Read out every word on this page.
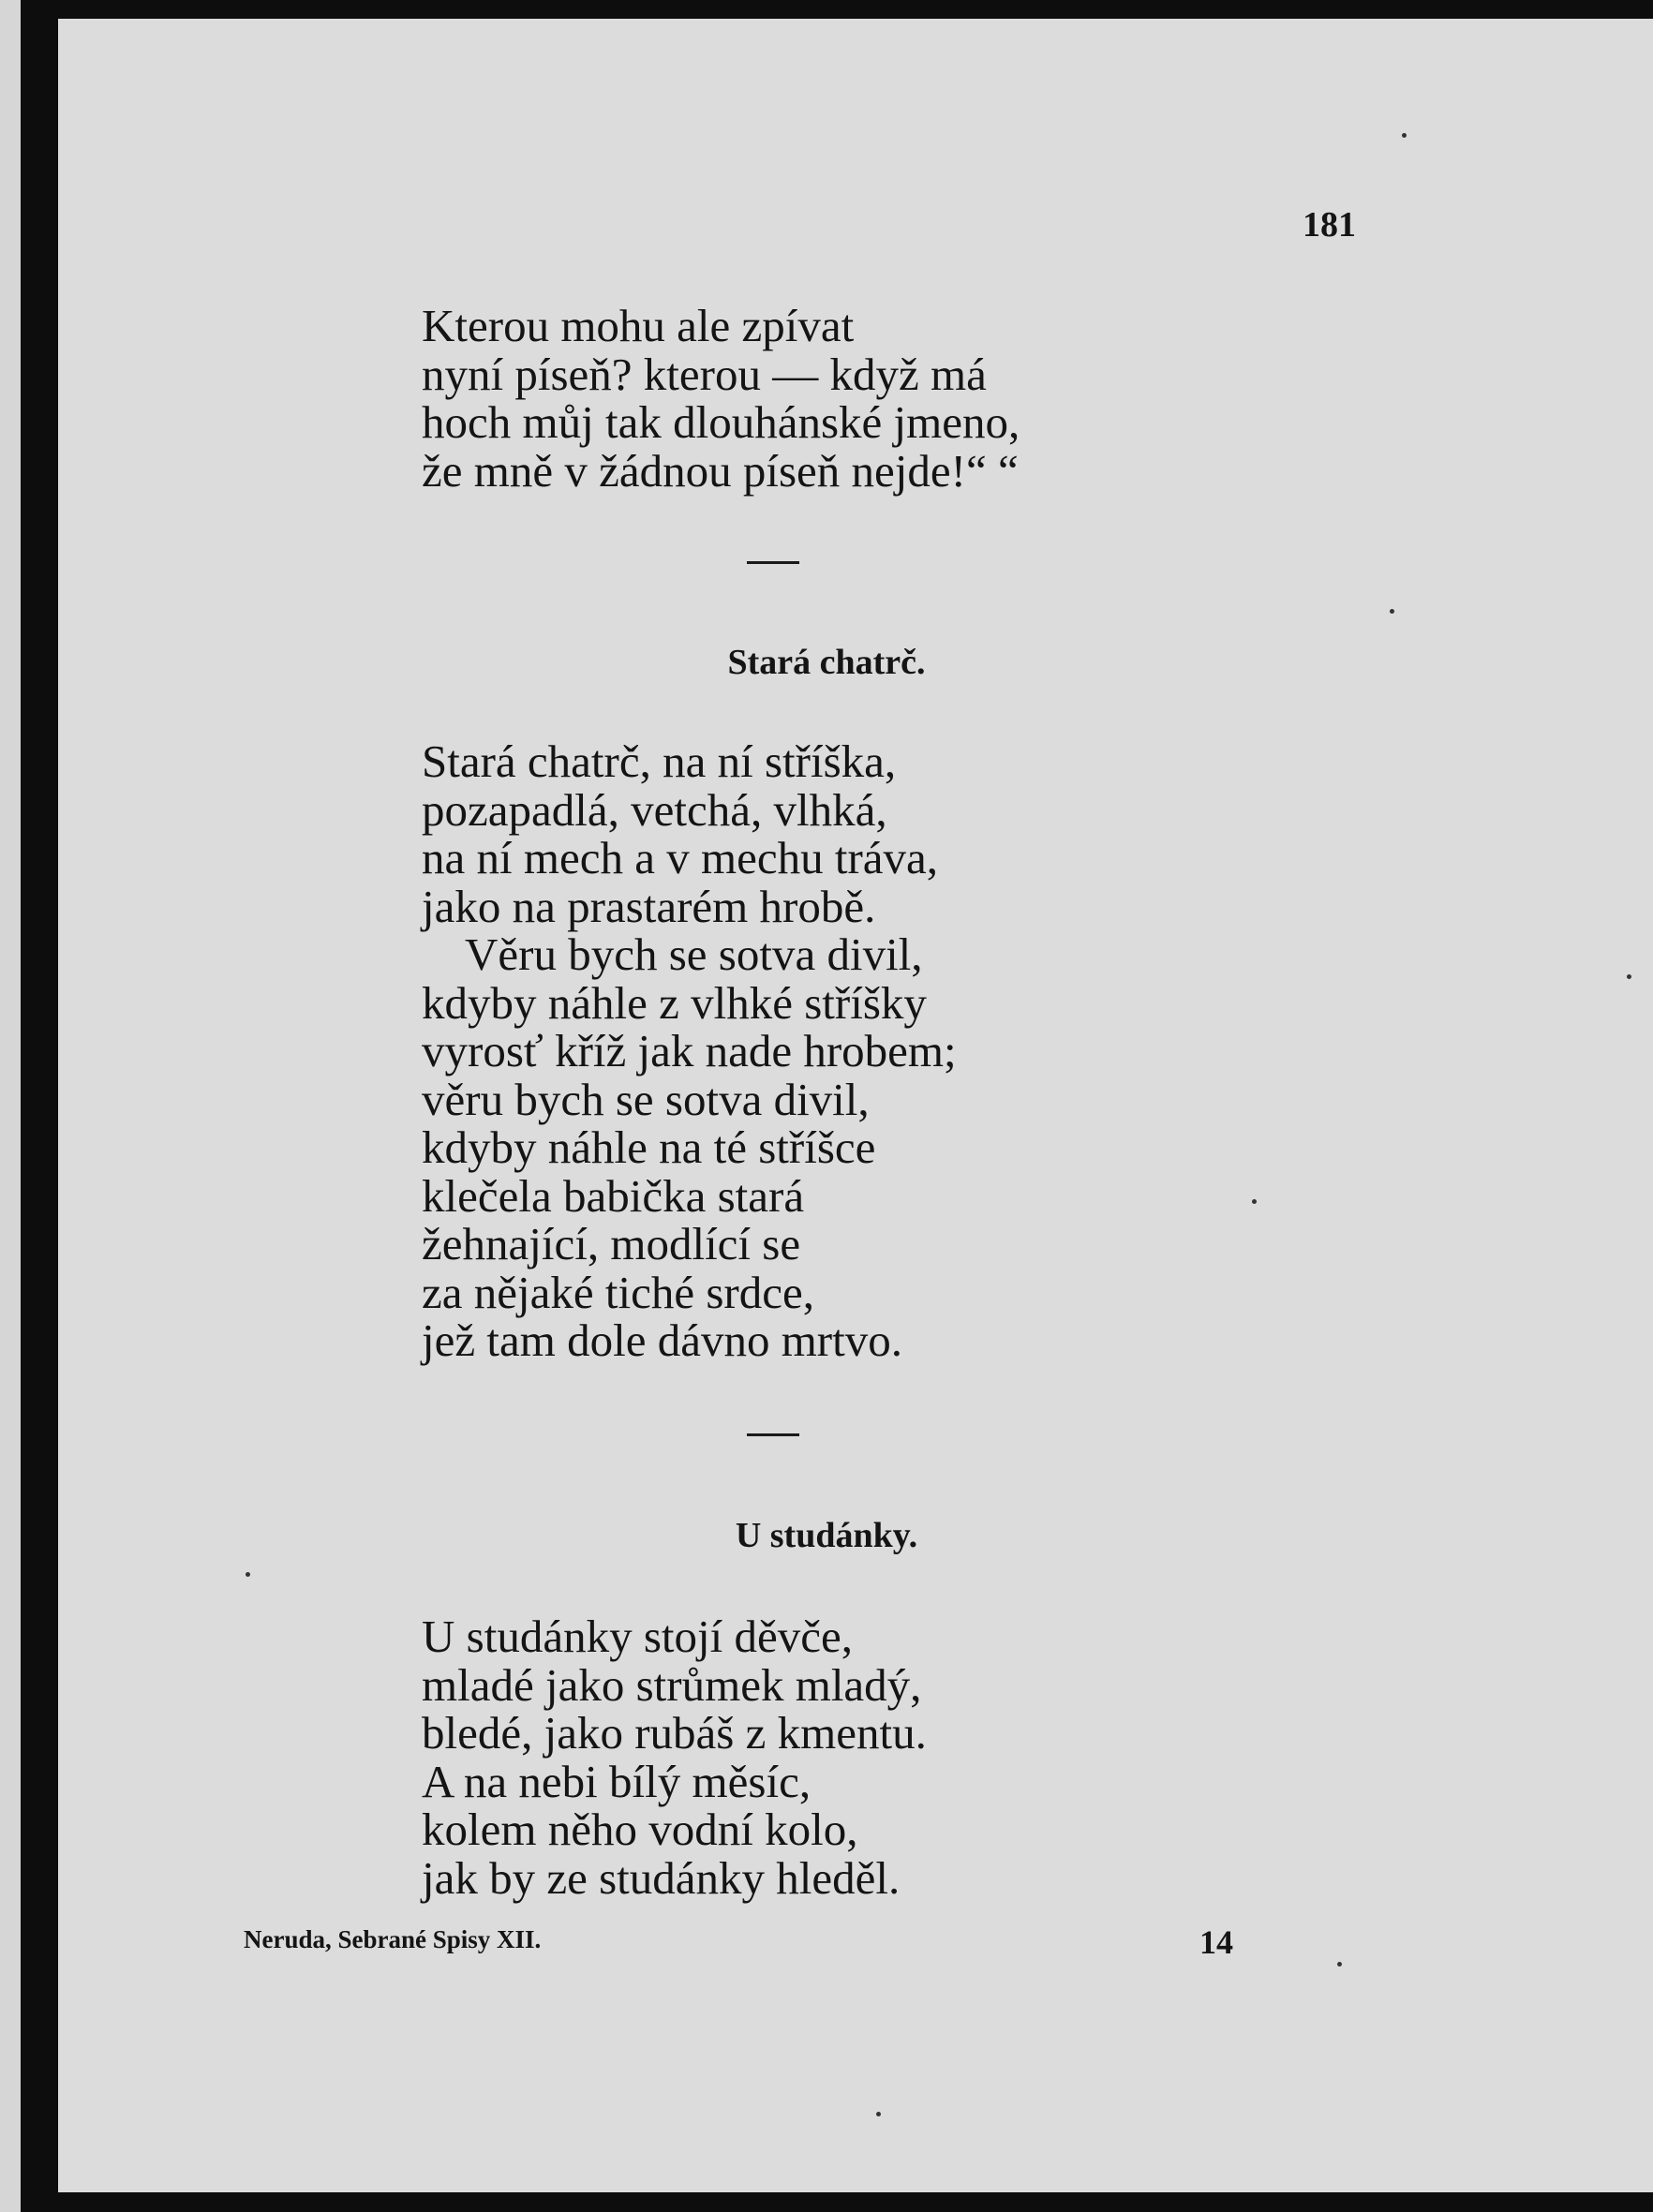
181
Kterou mohu ale zpívat
nyní píseň? kterou — když má
hoch můj tak dlouhánské jmeno,
že mně v žádnou píseň nejde!“ “
Stará chatrč.
Stará chatrč, na ní stříška,
pozapadlá, vetchá, vlhká,
na ní mech a v mechu tráva,
jako na prastarém hrobě.
Věru bych se sotva divil,
kdyby náhle z vlhké stříšky
vyrosť kříž jak nade hrobem;
věru bych se sotva divil,
kdyby náhle na té stříšce
klečela babička stará
žehnající, modlící se
za nějaké tiché srdce,
jež tam dole dávno mrtvo.
U studánky.
U studánky stojí děvče,
mladé jako strůmek mladý,
bledé, jako rubáš z kmentu.
A na nebi bílý měsíc,
kolem něho vodní kolo,
jak by ze studánky hleděl.
Neruda, Sebrané Spisy XII.	14
